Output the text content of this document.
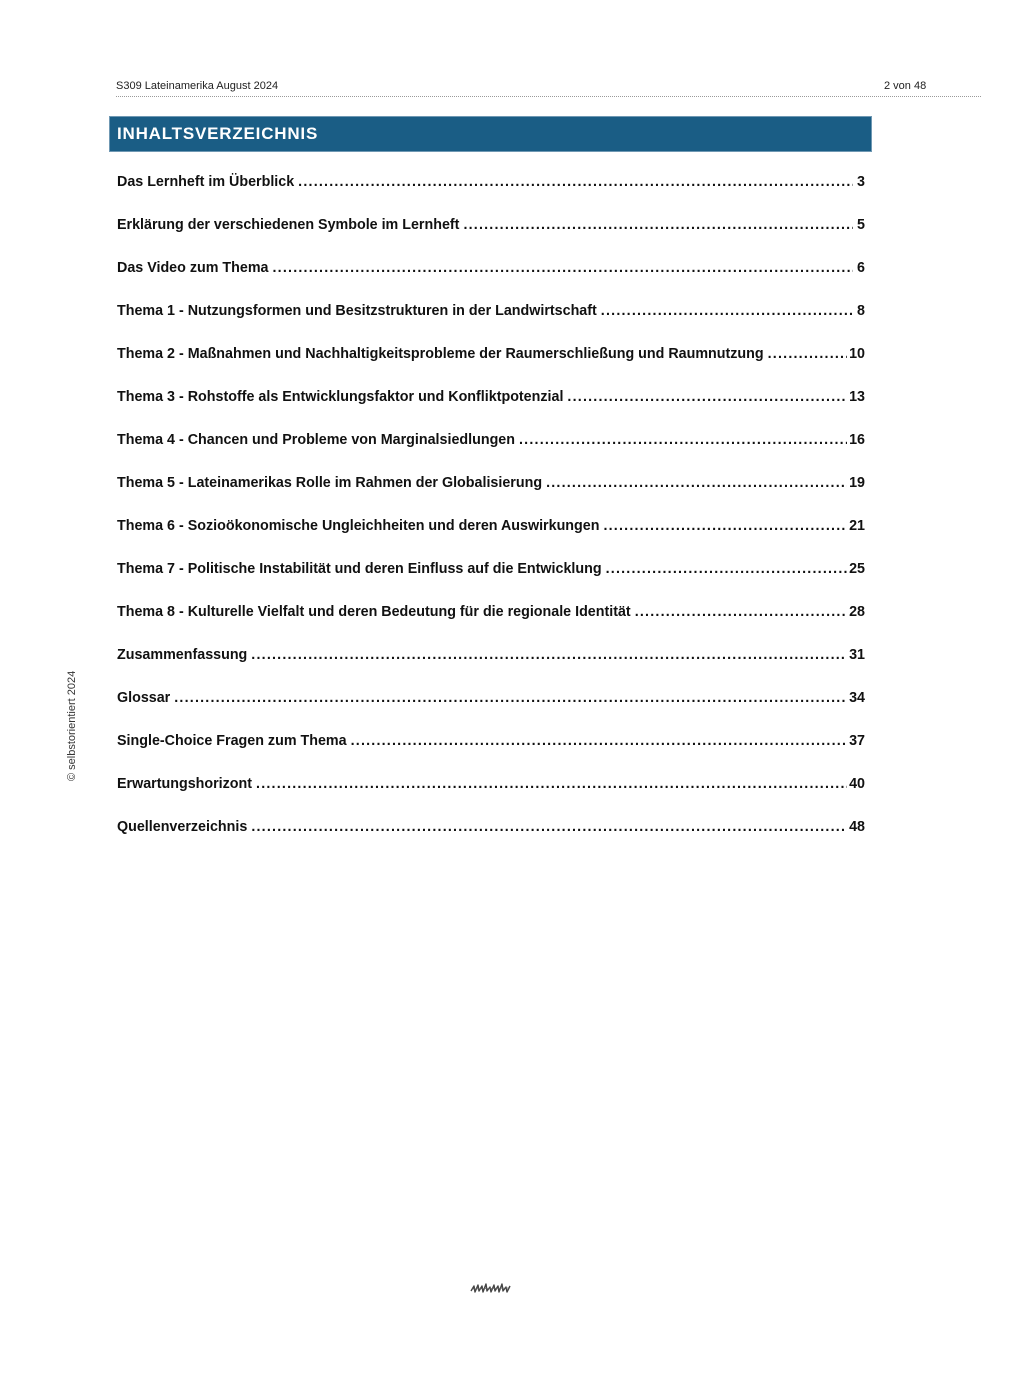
S309 Lateinamerika August 2024	2 von 48
INHALTSVERZEICHNIS
Das Lernheft im Überblick .....	3
Erklärung der verschiedenen Symbole im Lernheft .....	5
Das Video zum Thema .....	6
Thema 1 - Nutzungsformen und Besitzstrukturen in der Landwirtschaft .....	8
Thema 2 - Maßnahmen und Nachhaltigkeitsprobleme der Raumerschließung und Raumnutzung .....	10
Thema 3 - Rohstoffe als Entwicklungsfaktor und Konfliktpotenzial .....	13
Thema 4 - Chancen und Probleme von Marginalsiedlungen .....	16
Thema 5 - Lateinamerikas Rolle im Rahmen der Globalisierung .....	19
Thema 6 - Sozioökonomische Ungleichheiten und deren Auswirkungen .....	21
Thema 7 - Politische Instabilität und deren Einfluss auf die Entwicklung .....	25
Thema 8 - Kulturelle Vielfalt und deren Bedeutung für die regionale Identität .....	28
Zusammenfassung .....	31
Glossar .....	34
Single-Choice Fragen zum Thema .....	37
Erwartungshorizont .....	40
Quellenverzeichnis .....	48
© selbstorientiert 2024
